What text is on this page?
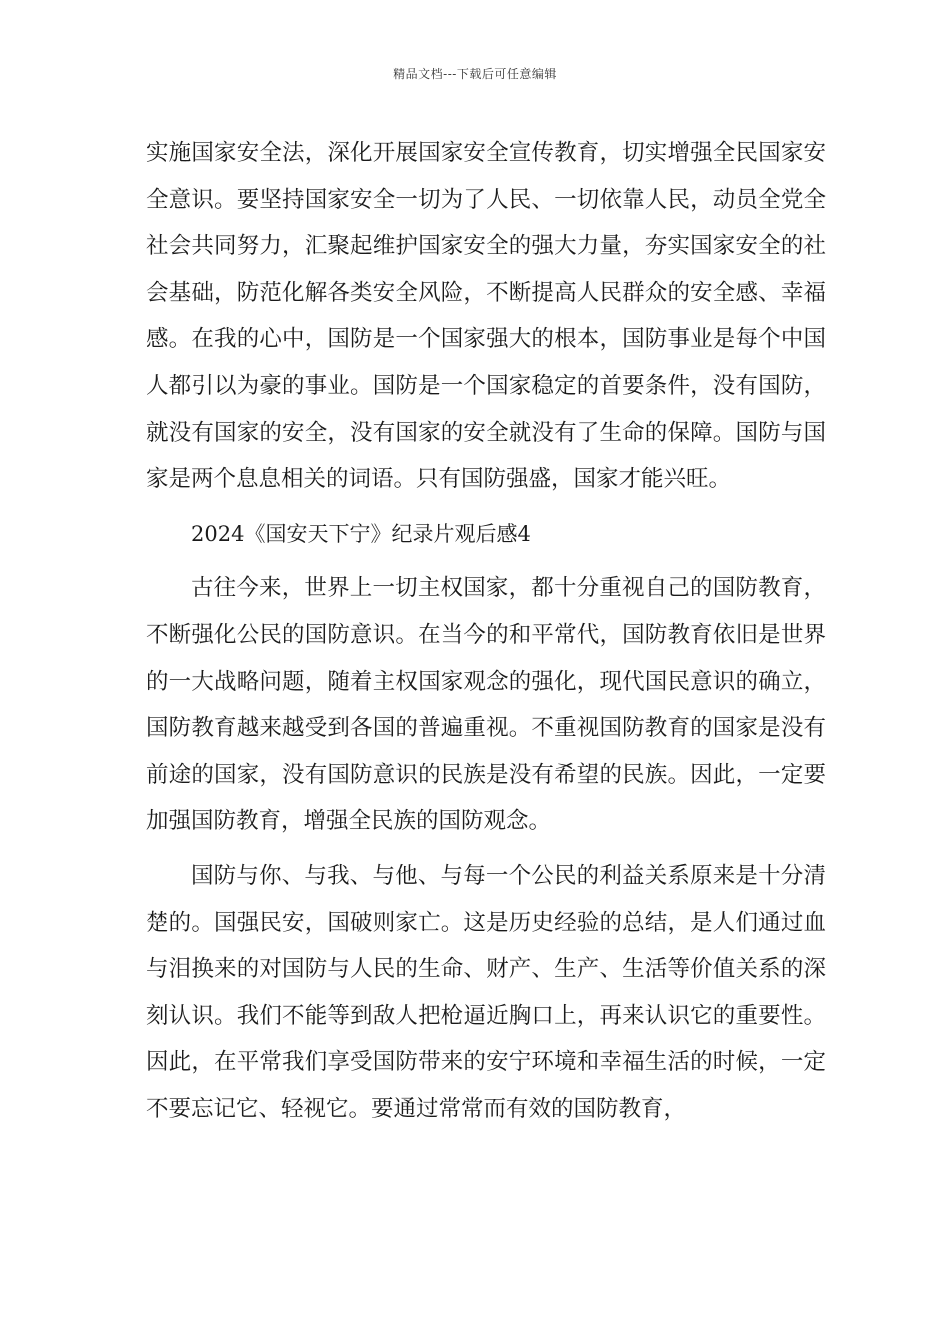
精品文档---下载后可任意编辑

实施国家安全法，深化开展国家安全宣传教育，切实增强全民国家安全意识。要坚持国家安全一切为了人民、一切依靠人民，动员全党全社会共同努力，汇聚起维护国家安全的强大力量，夯实国家安全的社会基础，防范化解各类安全风险，不断提高人民群众的安全感、幸福感。在我的心中，国防是一个国家强大的根本，国防事业是每个中国人都引以为豪的事业。国防是一个国家稳定的首要条件，没有国防，就没有国家的安全，没有国家的安全就没有了生命的保障。国防与国家是两个息息相关的词语。只有国防强盛，国家才能兴旺。

2024《国安天下宁》纪录片观后感4

古往今来，世界上一切主权国家，都十分重视自己的国防教育，不断强化公民的国防意识。在当今的和平常代，国防教育依旧是世界的一大战略问题，随着主权国家观念的强化，现代国民意识的确立，国防教育越来越受到各国的普遍重视。不重视国防教育的国家是没有前途的国家，没有国防意识的民族是没有希望的民族。因此，一定要加强国防教育，增强全民族的国防观念。

国防与你、与我、与他、与每一个公民的利益关系原来是十分清楚的。国强民安，国破则家亡。这是历史经验的总结，是人们通过血与泪换来的对国防与人民的生命、财产、生产、生活等价值关系的深刻认识。我们不能等到敌人把枪逼近胸口上，再来认识它的重要性。因此，在平常我们享受国防带来的安宁环境和幸福生活的时候，一定不要忘记它、轻视它。要通过常常而有效的国防教育，
